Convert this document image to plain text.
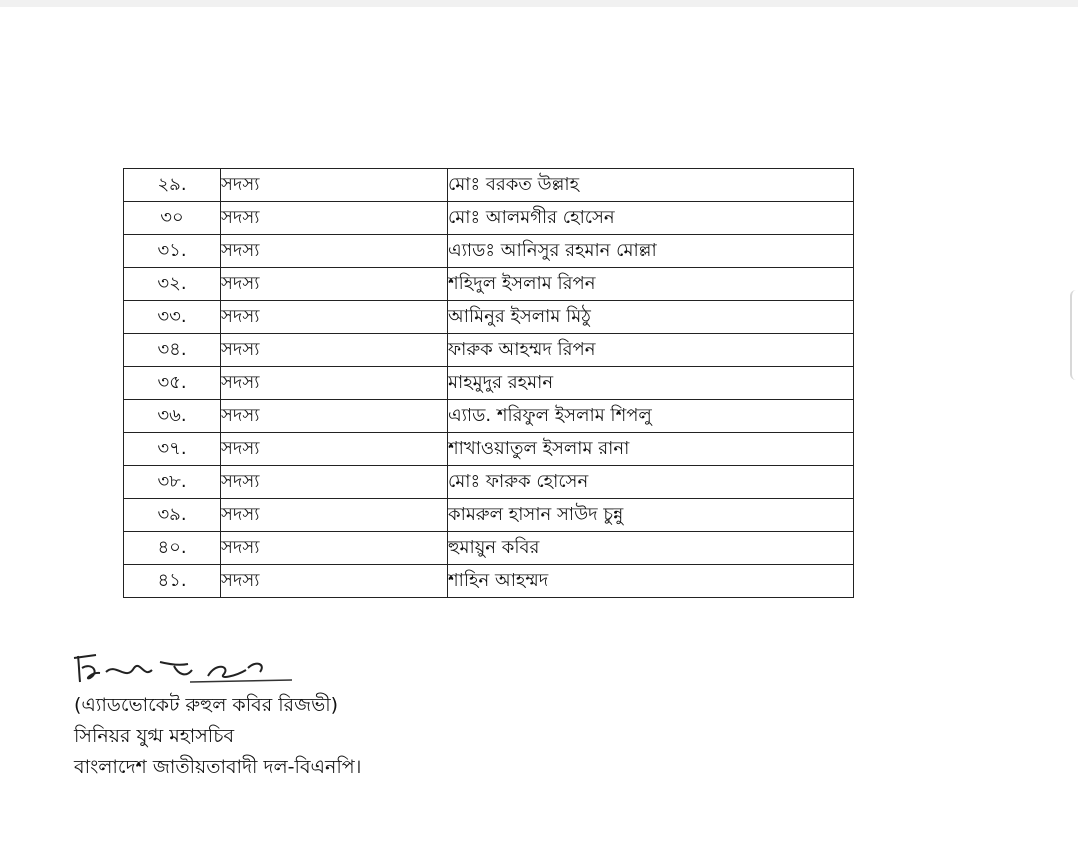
২৯.	সদস্য	মোঃ বরকত উল্লাহ
৩০	সদস্য	মোঃ আলমগীর হোসেন
৩১.	সদস্য	এ্যাডঃ আনিসুর রহমান মোল্লা
৩২.	সদস্য	শহিদুল ইসলাম রিপন
৩৩.	সদস্য	আমিনুর ইসলাম মিঠু
৩৪.	সদস্য	ফারুক আহম্মদ রিপন
৩৫.	সদস্য	মাহমুদুর রহমান
৩৬.	সদস্য	এ্যাড. শরিফুল ইসলাম শিপলু
৩৭.	সদস্য	শাখাওয়াতুল ইসলাম রানা
৩৮.	সদস্য	মোঃ ফারুক হোসেন
৩৯.	সদস্য	কামরুল হাসান সাউদ চুন্নু
৪০.	সদস্য	হুমায়ুন কবির
৪১.	সদস্য	শাহিন আহম্মদ
(এ্যাডভোকেট রুহুল কবির রিজভী)
সিনিয়র যুগ্ম মহাসচিব
বাংলাদেশ জাতীয়তাবাদী দল-বিএনপি।
